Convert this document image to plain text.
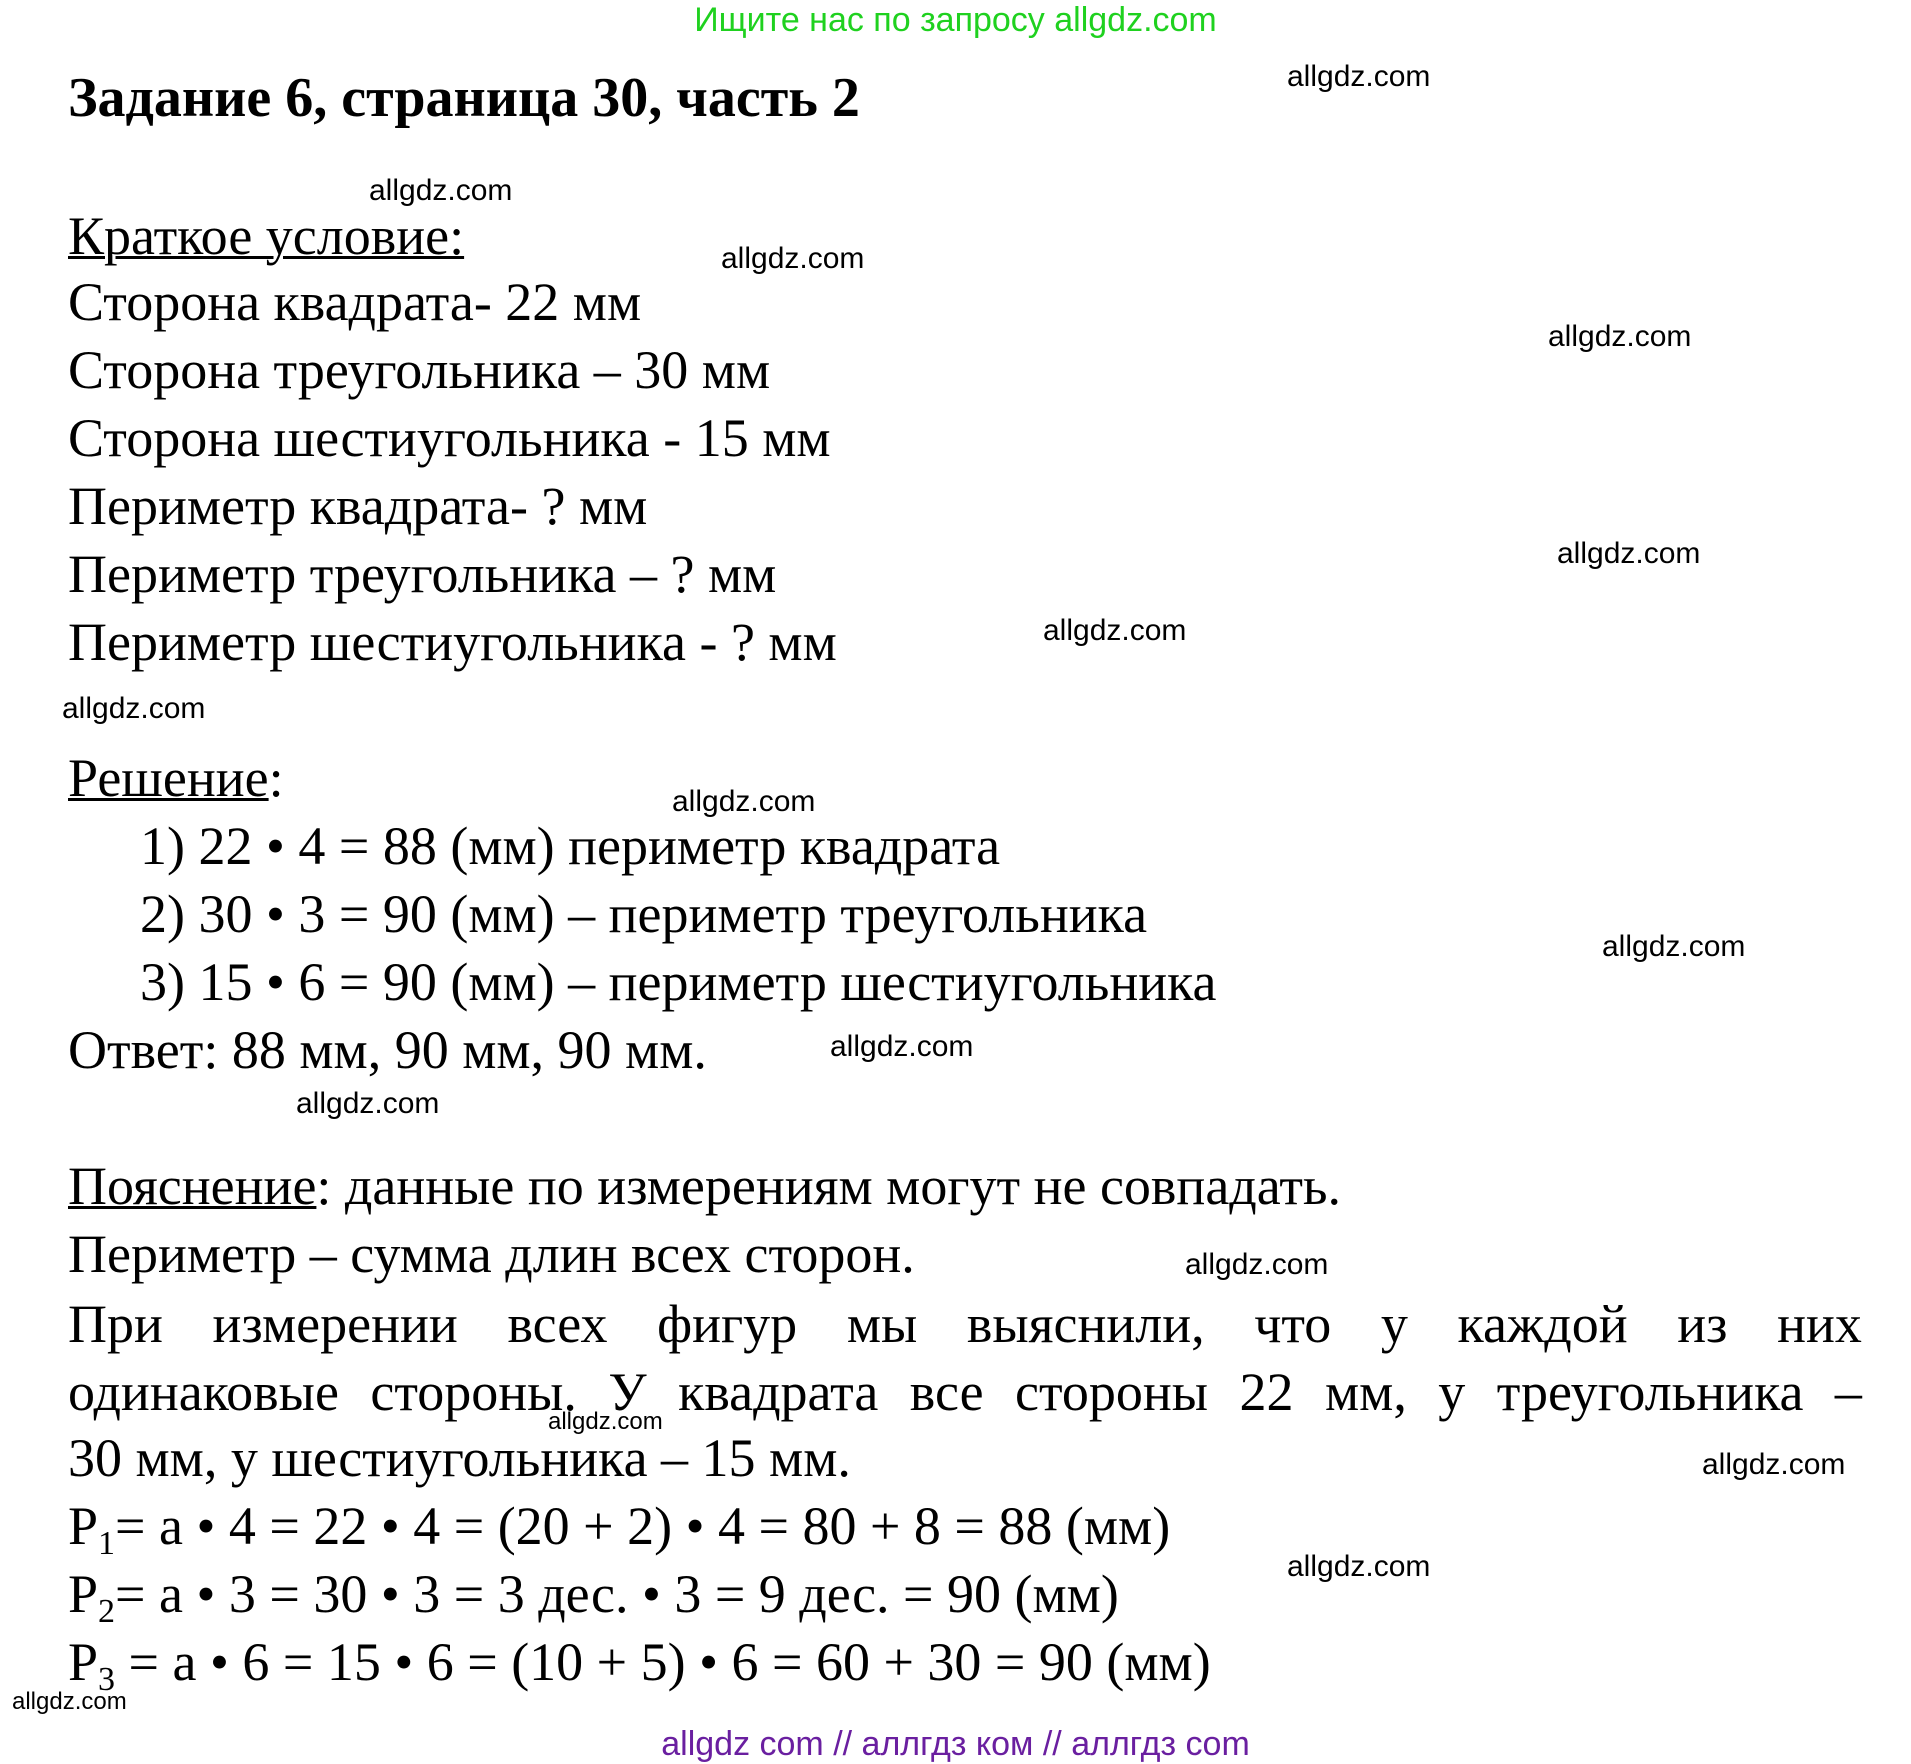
Ищите нас по запросу allgdz.com
Задание 6, страница 30, часть 2
Краткое условие:
Сторона квадрата- 22 мм
Сторона треугольника – 30 мм
Сторона шестиугольника - 15 мм
Периметр квадрата- ? мм
Периметр треугольника – ? мм
Периметр шестиугольника - ? мм
Решение:
1) 22 • 4 = 88 (мм) периметр квадрата
2) 30 • 3 = 90 (мм) – периметр треугольника
3) 15 • 6 = 90 (мм) – периметр шестиугольника
Ответ: 88 мм, 90 мм, 90 мм.
Пояснение: данные по измерениям могут не совпадать.
Периметр – сумма длин всех сторон.
При измерении всех фигур мы выяснили, что у каждой из них
одинаковые стороны. У квадрата все стороны 22 мм, у треугольника –
30 мм, у шестиугольника – 15 мм.
$P_1= a$ • 4 = 22 • 4 = (20 + 2) • 4 = 80 + 8 = 88 (мм)
$P_2= a$ • 3 = 30 • 3 = 3 дес. • 3 = 9 дес. = 90 (мм)
$P_3 = a$ • 6 = 15 • 6 = (10 + 5) • 6 = 60 + 30 = 90 (мм)
allgdz.com
allgdz.com
allgdz.com
allgdz.com
allgdz.com
allgdz.com
allgdz.com
allgdz.com
allgdz.com
allgdz.com
allgdz.com
allgdz.com
allgdz.com
allgdz.com
allgdz.com
allgdz.com
allgdz com // аллгдз ком // аллгдз com
